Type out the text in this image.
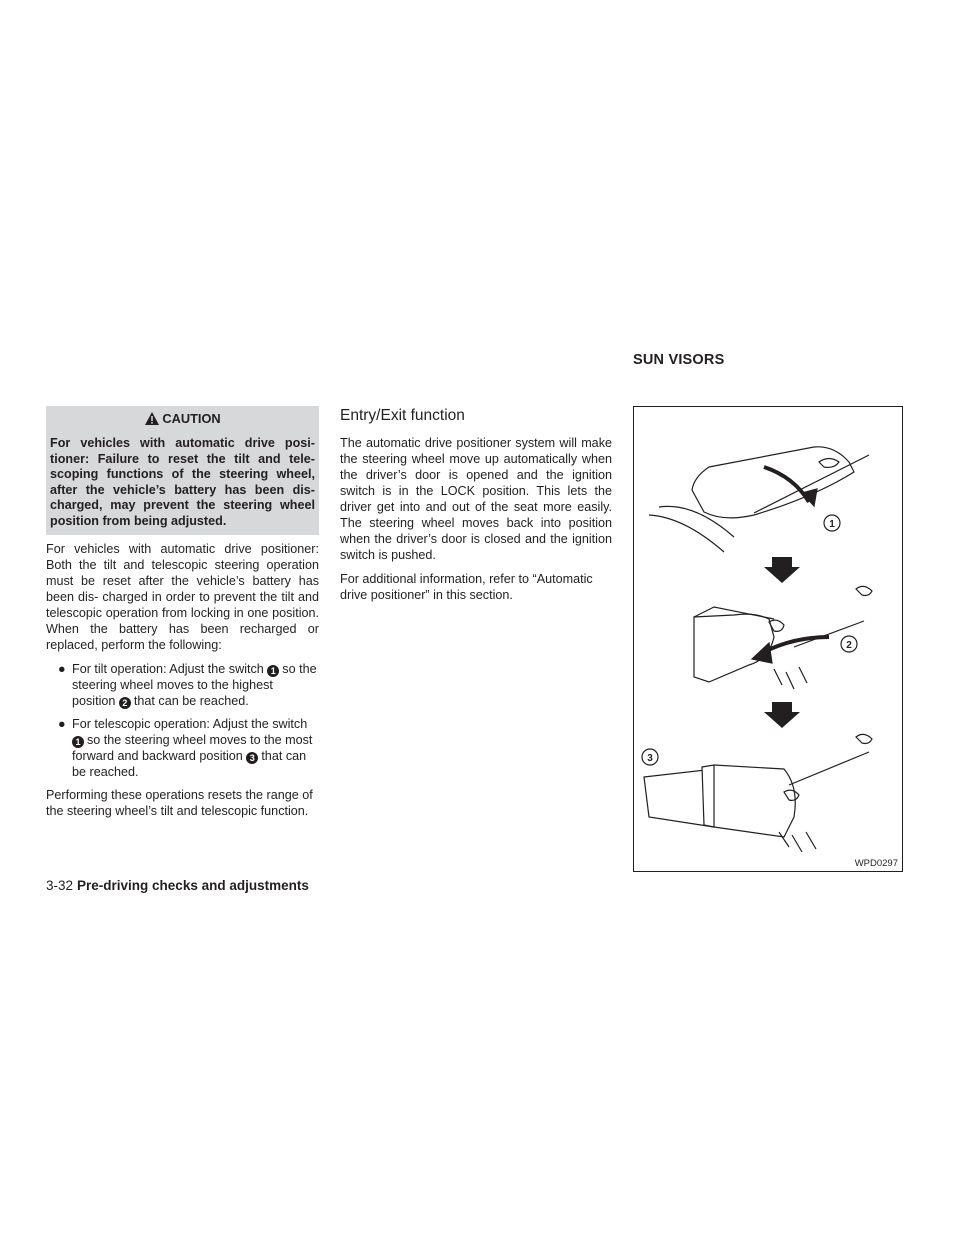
CAUTION
For vehicles with automatic drive posi- tioner: Failure to reset the tilt and tele- scoping functions of the steering wheel, after the vehicle’s battery has been dis- charged, may prevent the steering wheel position from being adjusted.

For vehicles with automatic drive positioner: Both the tilt and telescopic steering operation must be reset after the vehicle’s battery has been dis- charged in order to prevent the tilt and telescopic operation from locking in one position. When the battery has been recharged or replaced, perform the following:

● For tilt operation: Adjust the switch 1 so the steering wheel moves to the highest position 2 that can be reached.
● For telescopic operation: Adjust the switch 1 so the steering wheel moves to the most forward and backward position 3 that can be reached.

Performing these operations resets the range of the steering wheel’s tilt and telescopic function.

Entry/Exit function

The automatic drive positioner system will make the steering wheel move up automatically when the driver’s door is opened and the ignition switch is in the LOCK position. This lets the driver get into and out of the seat more easily. The steering wheel moves back into position when the driver’s door is closed and the ignition switch is pushed.

For additional information, refer to “Automatic drive positioner” in this section.

SUN VISORS
1
2
3
WPD0297
3-32 Pre-driving checks and adjustments
